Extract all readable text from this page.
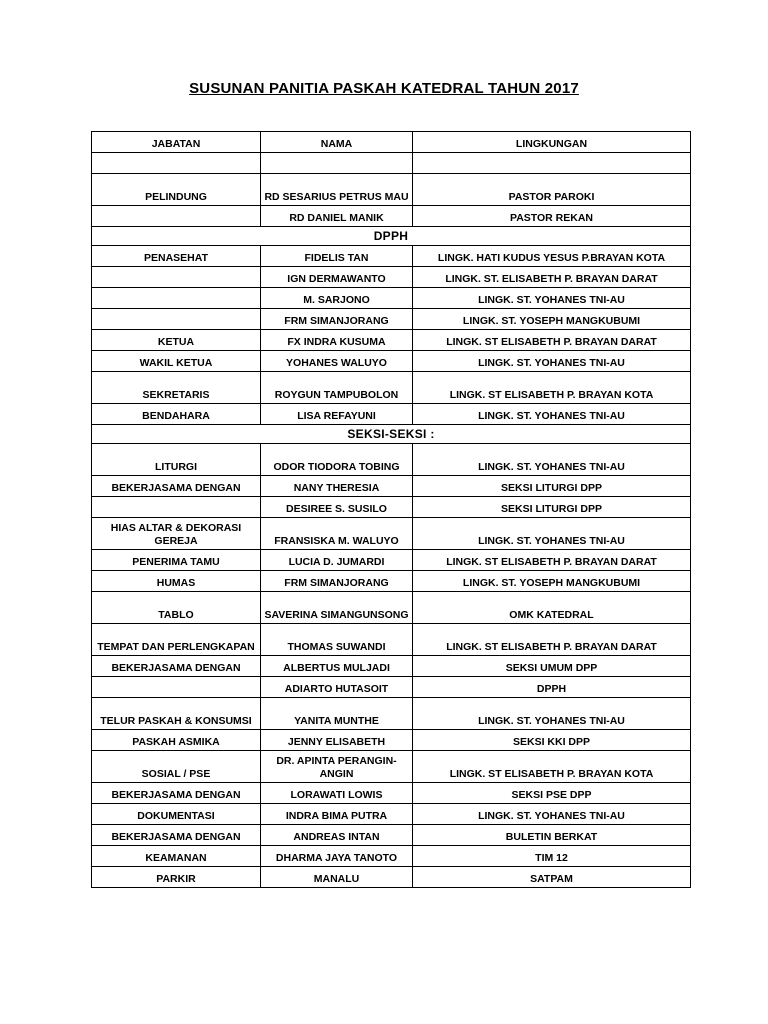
SUSUNAN PANITIA PASKAH KATEDRAL TAHUN 2017
JABATAN	NAMA	LINGKUNGAN

PELINDUNG	RD SESARIUS PETRUS MAU	PASTOR PAROKI
	RD DANIEL MANIK	PASTOR REKAN
DPPH		
PENASEHAT	FIDELIS TAN	LINGK. HATI KUDUS YESUS P.BRAYAN KOTA
	IGN DERMAWANTO	LINGK. ST. ELISABETH P. BRAYAN DARAT
	M. SARJONO	LINGK. ST. YOHANES TNI-AU
	FRM SIMANJORANG	LINGK. ST. YOSEPH MANGKUBUMI
KETUA	FX INDRA KUSUMA	LINGK. ST ELISABETH P. BRAYAN DARAT
WAKIL KETUA	YOHANES WALUYO	LINGK. ST. YOHANES TNI-AU
SEKRETARIS	ROYGUN TAMPUBOLON	LINGK. ST ELISABETH P. BRAYAN KOTA
BENDAHARA	LISA REFAYUNI	LINGK. ST. YOHANES TNI-AU
SEKSI-SEKSI :		
LITURGI	ODOR TIODORA TOBING	LINGK. ST. YOHANES TNI-AU
BEKERJASAMA DENGAN	NANY THERESIA	SEKSI LITURGI DPP
	DESIREE S. SUSILO	SEKSI LITURGI DPP
HIAS ALTAR & DEKORASI GEREJA	FRANSISKA M. WALUYO	LINGK. ST. YOHANES TNI-AU
PENERIMA TAMU	LUCIA D. JUMARDI	LINGK. ST ELISABETH P. BRAYAN DARAT
HUMAS	FRM SIMANJORANG	LINGK. ST. YOSEPH MANGKUBUMI
TABLO	SAVERINA SIMANGUNSONG	OMK KATEDRAL
TEMPAT DAN PERLENGKAPAN	THOMAS SUWANDI	LINGK. ST ELISABETH P. BRAYAN DARAT
BEKERJASAMA DENGAN	ALBERTUS MULJADI	SEKSI UMUM DPP
	ADIARTO HUTASOIT	DPPH
TELUR PASKAH & KONSUMSI	YANITA MUNTHE	LINGK. ST. YOHANES TNI-AU
PASKAH ASMIKA	JENNY ELISABETH	SEKSI KKI DPP
SOSIAL / PSE	DR. APINTA PERANGIN-ANGIN	LINGK. ST ELISABETH P. BRAYAN KOTA
BEKERJASAMA DENGAN	LORAWATI LOWIS	SEKSI PSE DPP
DOKUMENTASI	INDRA BIMA PUTRA	LINGK. ST. YOHANES TNI-AU
BEKERJASAMA DENGAN	ANDREAS INTAN	BULETIN BERKAT
KEAMANAN	DHARMA JAYA TANOTO	TIM 12
PARKIR	MANALU	SATPAM
